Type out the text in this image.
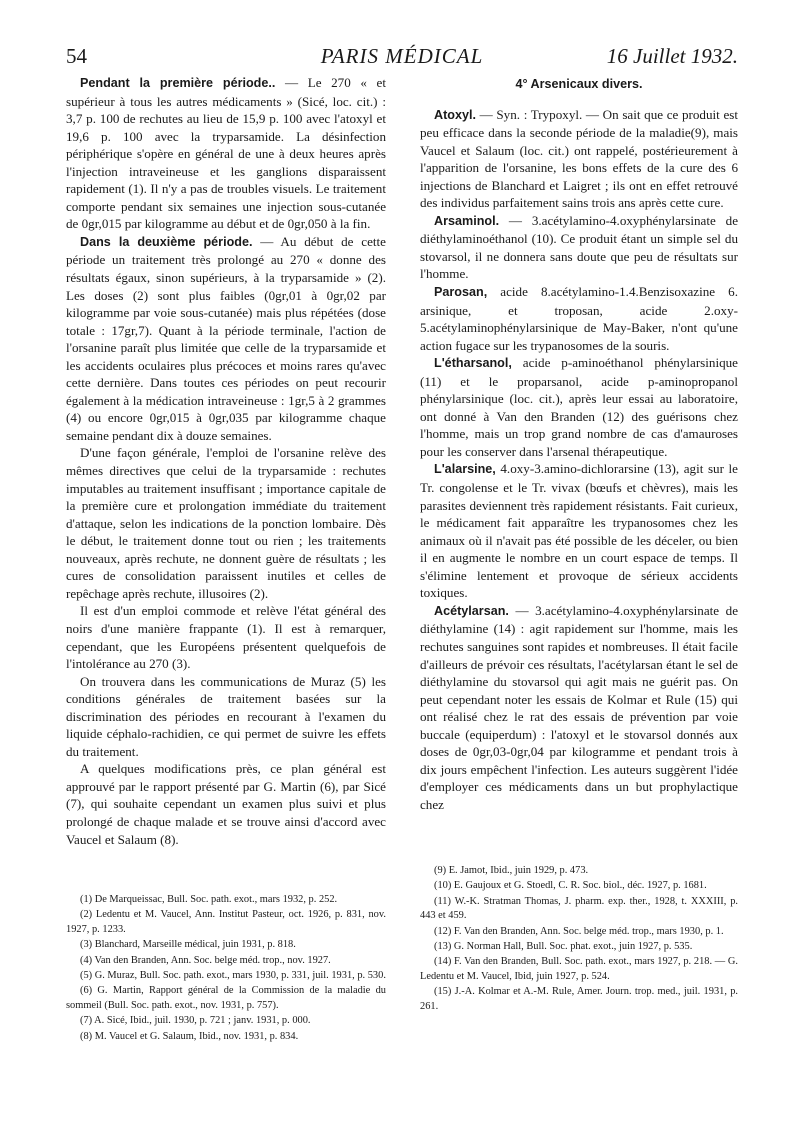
54	PARIS MÉDICAL	16 Juillet 1932.

Pendant la première période.. — Le 270 « et supérieur à tous les autres médicaments » (Sicé, loc. cit.) : 3,7 p. 100 de rechutes au lieu de 15,9 p. 100 avec l'atoxyl et 19,6 p. 100 avec la tryparsamide. La désinfection périphérique s'opère en général de une à deux heures après l'injection intraveineuse et les ganglions disparaissent rapidement (1). Il n'y a pas de troubles visuels. Le traitement comporte pendant six semaines une injection sous-cutanée de 0gr,015 par kilogramme au début et de 0gr,050 à la fin.

Dans la deuxième période. — Au début de cette période un traitement très prolongé au 270 « donne des résultats égaux, sinon supérieurs, à la tryparsamide » (2). Les doses (2) sont plus faibles (0gr,01 à 0gr,02 par kilogramme par voie sous-cutanée) mais plus répétées (dose totale : 17gr,7). Quant à la période terminale, l'action de l'orsanine paraît plus limitée que celle de la tryparsamide et les accidents oculaires plus précoces et moins rares qu'avec cette dernière. Dans toutes ces périodes on peut recourir également à la médication intraveineuse : 1gr,5 à 2 grammes (4) ou encore 0gr,015 à 0gr,035 par kilogramme chaque semaine pendant dix à douze semaines.

D'une façon générale, l'emploi de l'orsanine relève des mêmes directives que celui de la tryparsamide : rechutes imputables au traitement insuffisant ; importance capitale de la première cure et prolongation immédiate du traitement d'attaque, selon les indications de la ponction lombaire. Dès le début, le traitement donne tout ou rien ; les traitements nouveaux, après rechute, ne donnent guère de résultats ; les cures de consolidation paraissent inutiles et celles de repêchage après rechute, illusoires (2).

Il est d'un emploi commode et relève l'état général des noirs d'une manière frappante (1). Il est à remarquer, cependant, que les Européens présentent quelquefois de l'intolérance au 270 (3).

On trouvera dans les communications de Muraz (5) les conditions générales de traitement basées sur la discrimination des périodes en recourant à l'examen du liquide céphalo-rachidien, ce qui permet de suivre les effets du traitement.

A quelques modifications près, ce plan général est approuvé par le rapport présenté par G. Martin (6), par Sicé (7), qui souhaite cependant un examen plus suivi et plus prolongé de chaque malade et se trouve ainsi d'accord avec Vaucel et Salaum (8).

4° Arsenicaux divers.

Atoxyl. — Syn. : Trypoxyl. — On sait que ce produit est peu efficace dans la seconde période de la maladie(9), mais Vaucel et Salaum (loc. cit.) ont rappelé, postérieurement à l'apparition de l'orsanine, les bons effets de la cure des 6 injections de Blanchard et Laigret ; ils ont en effet retrouvé des individus parfaitement sains trois ans après cette cure.

Arsaminol. — 3.acétylamino-4.oxyphénylarsinate de diéthylaminoéthanol (10). Ce produit étant un simple sel du stovarsol, il ne donnera sans doute que peu de résultats sur l'homme.

Parosan, acide 8.acétylamino-1.4.Benzisoxazine 6. arsinique, et troposan, acide 2.oxy-5.acétylaminophénylarsinique de May-Baker, n'ont qu'une action fugace sur les trypanosomes de la souris.

L'étharsanol, acide p-aminoéthanol phénylarsinique (11) et le proparsanol, acide p-aminopropanol phénylarsinique (loc. cit.), après leur essai au laboratoire, ont donné à Van den Branden (12) des guérisons chez l'homme, mais un trop grand nombre de cas d'amauroses pour les conserver dans l'arsenal thérapeutique.

L'alarsine, 4.oxy-3.amino-dichlorarsine (13), agit sur le Tr. congolense et le Tr. vivax (bœufs et chèvres), mais les parasites deviennent très rapidement résistants. Fait curieux, le médicament fait apparaître les trypanosomes chez les animaux où il n'avait pas été possible de les déceler, ou bien il en augmente le nombre en un court espace de temps. Il s'élimine lentement et provoque de sérieux accidents toxiques.

Acétylarsan. — 3.acétylamino-4.oxyphénylarsinate de diéthylamine (14) : agit rapidement sur l'homme, mais les rechutes sanguines sont rapides et nombreuses. Il était facile d'ailleurs de prévoir ces résultats, l'acétylarsan étant le sel de diéthylamine du stovarsol qui agit mais ne guérit pas. On peut cependant noter les essais de Kolmar et Rule (15) qui ont réalisé chez le rat des essais de prévention par voie buccale (equiperdum) : l'atoxyl et le stovarsol donnés aux doses de 0gr,03-0gr,04 par kilogramme et pendant trois à dix jours empêchent l'infection. Les auteurs suggèrent l'idée d'employer ces médicaments dans un but prophylactique chez

(1) De Marqueissac, Bull. Soc. path. exot., mars 1932, p. 252.

(2) Ledentu et M. Vaucel, Ann. Institut Pasteur, oct. 1926, p. 831, nov. 1927, p. 1233.

(3) Blanchard, Marseille médical, juin 1931, p. 818.

(4) Van den Branden, Ann. Soc. belge méd. trop., nov. 1927.

(5) G. Muraz, Bull. Soc. path. exot., mars 1930, p. 331, juil. 1931, p. 530.

(6) G. Martin, Rapport général de la Commission de la maladie du sommeil (Bull. Soc. path. exot., nov. 1931, p. 757).

(7) A. Sicé, Ibid., juil. 1930, p. 721 ; janv. 1931, p. 000.

(8) M. Vaucel et G. Salaum, Ibid., nov. 1931, p. 834.

(9) E. Jamot, Ibid., juin 1929, p. 473.

(10) E. Gaujoux et G. Stoedl, C. R. Soc. biol., déc. 1927, p. 1681.

(11) W.-K. Stratman Thomas, J. pharm. exp. ther., 1928, t. XXXIII, p. 443 et 459.

(12) F. Van den Branden, Ann. Soc. belge méd. trop., mars 1930, p. 1.

(13) G. Norman Hall, Bull. Soc. phat. exot., juin 1927, p. 535.

(14) F. Van den Branden, Bull. Soc. path. exot., mars 1927, p. 218. — G. Ledentu et M. Vaucel, Ibid, juin 1927, p. 524.

(15) J.-A. Kolmar et A.-M. Rule, Amer. Journ. trop. med., juil. 1931, p. 261.
